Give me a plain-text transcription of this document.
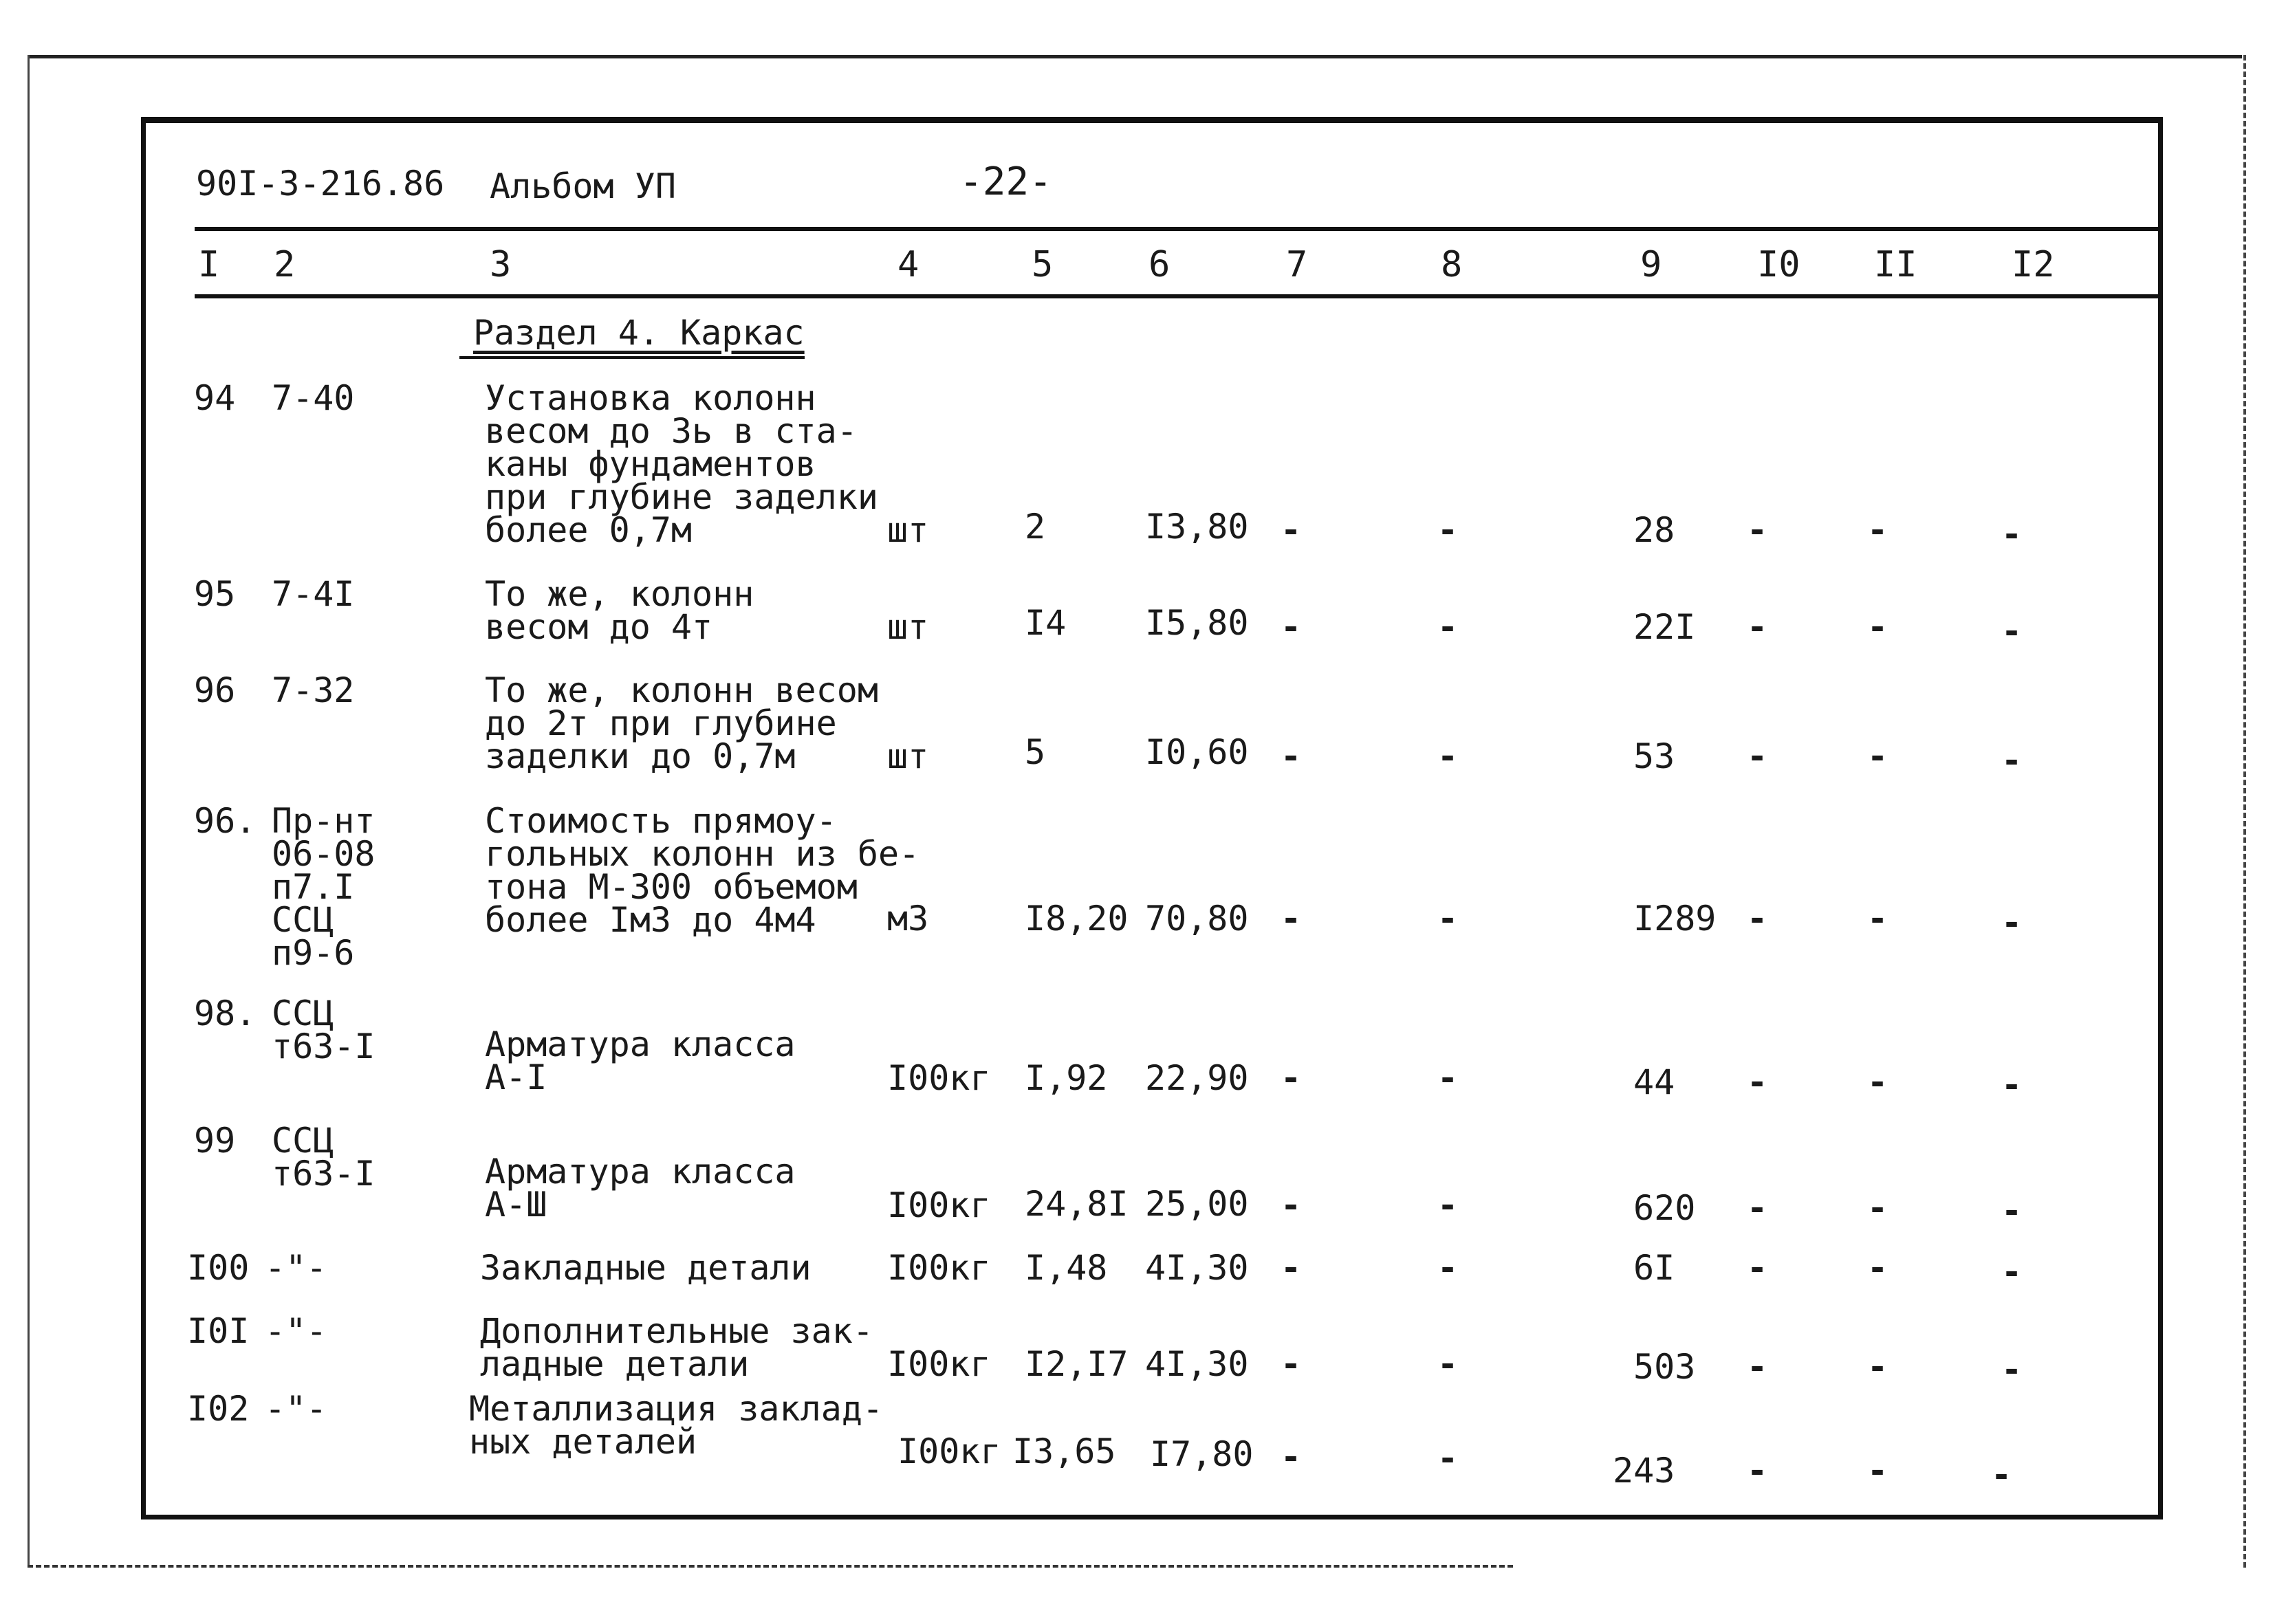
90I-3-216.86 Альбом УП	-22-
I 2	3	4	5	6	7	8	9	I0 II	I2
Раздел 4. Каркас
94 7-40	Установка колонн
весом до 3ь в ста-
каны фундаментов
при глубине заделки
более 0,7м	шт	2	I3,80 -	-	28 -	-	-
95 7-4I	То же, колонн
весом до 4т	шт	I4 I5,80 -	-	22I -	-	-
96 7-32	То же, колонн весом
до 2т при глубине
заделки до 0,7м	шт	5	I0,60 -	-	53 -	-	-
96. Пр-нт
06-08
п7.I
ССЦ
п9-6
Стоимость прямоу-
гольных колонн из бе-
тона М-300 объемом
более Iм3 до 4м4	м3	I8,20 70,80 -	-	I289 -	-	-
98. ССЦ
т63-I	Арматура класса
А-I	I00кг I,92 22,90 -	-	44 -	-	-
99 ССЦ
т63-I	Арматура класса
А-Ш	I00кг 24,8I 25,00 -	-	620 -	-	-
I00 -"-	Закладные детали I00кг I,48 4I,30 -	-	6I -	-	-
I0I -"-	Дополнительные зак-
ладные детали	I00кг I2,I7 4I,30 -	-	503 -	-	-
I02 -"-	Металлизация заклад-
ных деталей	I00кг I3,65 I7,80 -	-	243 -	-	-
